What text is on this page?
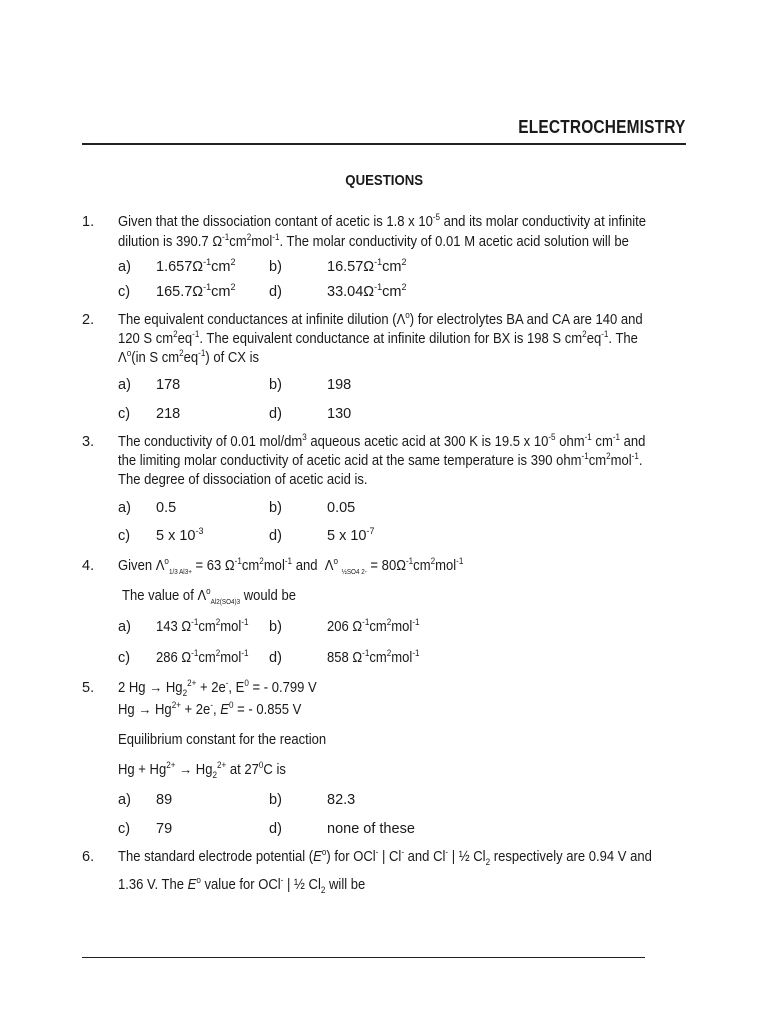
ELECTROCHEMISTRY
QUESTIONS
1. Given that the dissociation contant of acetic is 1.8 x $10^{-5}$ and its molar conductivity at infinite
dilution is 390.7 $\Omega^{-1}cm^2mol^{-1}$. The molar conductivity of 0.01 M acetic acid solution will be
a) $1.657\Omega^{-1}cm^2$ b)	$16.57\Omega^{-1}cm^2$
c) $165.7\Omega^{-1}cm^2$ d)	$33.04\Omega^{-1}cm^2$
2. The equivalent conductances at infinite dilution $(\Lambda^o)$ for electrolytes BA and CA are 140 and
120 S $cm^2eq^{-1}$. The equivalent conductance at infinite dilution for BX is 198 S $cm^2eq^{-1}$. The
$\Lambda^o(in$ S $cm^2eq^{-1}$) of CX is
a) 178	b)	198
c) 218	d)	130
3. The conductivity of 0.01 mol/$dm^3$ aqueous acetic acid at 300 K is 19.5 x $10^{-5}$ ohm$^{-1}$ $cm^{-1}$ and
the limiting molar conductivity of acetic acid at the same temperature is 390 $ohm^{-1}cm^2mol^{-1}$.
The degree of dissociation of acetic acid is.
a) 0.5	b)	0.05
c) 5 x $10^{-3}$	d)	5 x $10^{-7}$
4. Given $\Lambda^o_{1/3 Al3+} = 63$ $\Omega^{-1}cm^2mol^{-1}$ and  $\Lambda^o$ $_{\frac{1}{2}SO4 2-} = 80\Omega^{-1}cm^2mol^{-1}$
The value of $\Lambda^o_{Al2(SO4)3}$ would be
a) 143 $\Omega^{-1}cm^2mol^{-1}$	b)	206 $\Omega^{-1}cm^2mol^{-1}$
c) 286 $\Omega^{-1}cm^2mol^{-1}$	d)	858 $\Omega^{-1}cm^2mol^{-1}$
5. 2 $Hg \to Hg_2^{2+} + 2e^-$, $E^0$ = - 0.799 V
$Hg \to Hg^{2+} + 2e^-$, $E^0$ = - 0.855 V
Equilibrium constant for the reaction
$Hg + Hg^{2+} \to Hg_2^{2+}$ at $27^0C$ is
a) 89	b)	82.3
c) 79	d)	none of these
6. The standard electrode potential $(E^o)$ for OCl- | Cl- and Cl- | ½ $Cl_2$ respectively are 0.94 V and
1.36 V. The $E^o$ value for OCl- | ½ $Cl_2$ will be
